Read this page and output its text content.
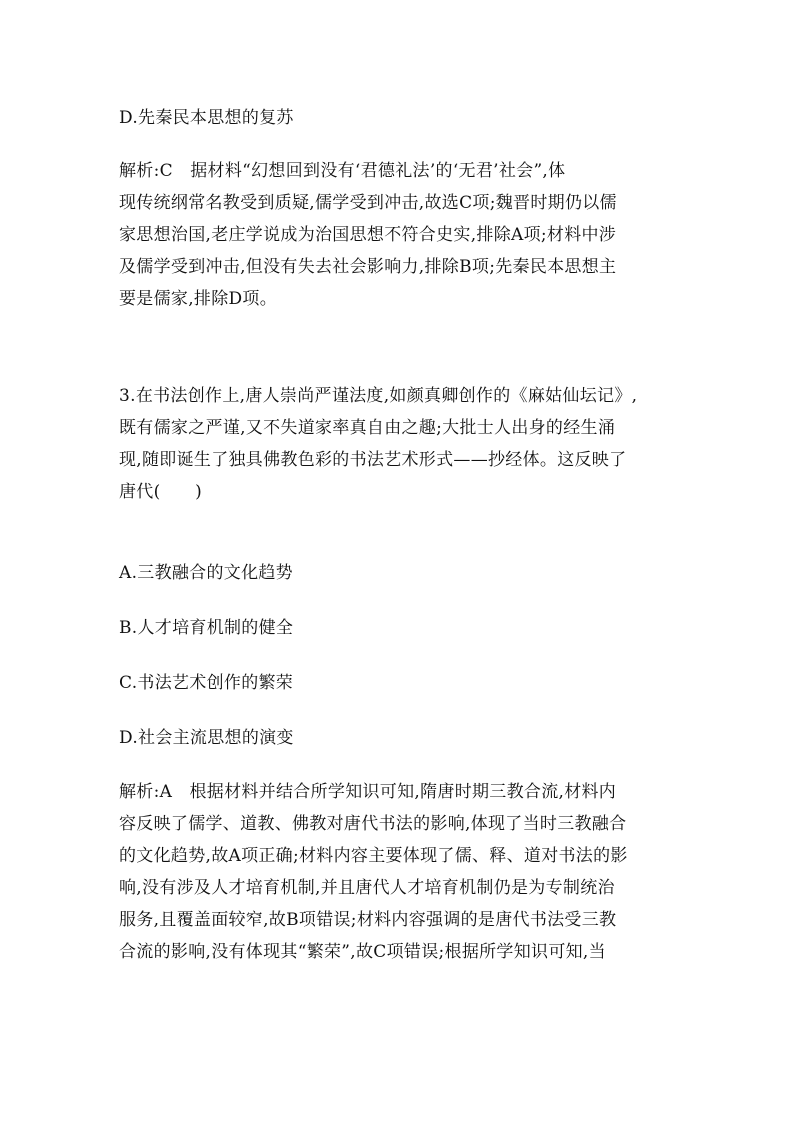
D.先秦民本思想的复苏

解析:C　据材料“幻想回到没有‘君德礼法’的‘无君’社会”,体
现传统纲常名教受到质疑,儒学受到冲击,故选C项;魏晋时期仍以儒
家思想治国,老庄学说成为治国思想不符合史实,排除A项;材料中涉
及儒学受到冲击,但没有失去社会影响力,排除B项;先秦民本思想主
要是儒家,排除D项。

3.在书法创作上,唐人崇尚严谨法度,如颜真卿创作的《麻姑仙坛记》,
既有儒家之严谨,又不失道家率真自由之趣;大批士人出身的经生涌
现,随即诞生了独具佛教色彩的书法艺术形式——抄经体。这反映了
唐代(　　)

A.三教融合的文化趋势

B.人才培育机制的健全

C.书法艺术创作的繁荣

D.社会主流思想的演变

解析:A　根据材料并结合所学知识可知,隋唐时期三教合流,材料内
容反映了儒学、道教、佛教对唐代书法的影响,体现了当时三教融合
的文化趋势,故A项正确;材料内容主要体现了儒、释、道对书法的影
响,没有涉及人才培育机制,并且唐代人才培育机制仍是为专制统治
服务,且覆盖面较窄,故B项错误;材料内容强调的是唐代书法受三教
合流的影响,没有体现其“繁荣”,故C项错误;根据所学知识可知,当
